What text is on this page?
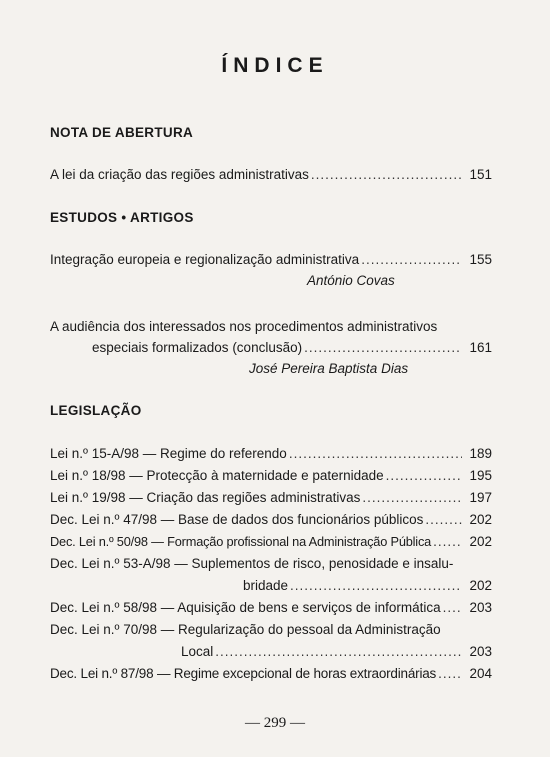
ÍNDICE
NOTA DE ABERTURA
A lei da criação das regiões administrativas .....	151
ESTUDOS • ARTIGOS
Integração europeia e regionalização administrativa .....	155
António Covas
A audiência dos interessados nos procedimentos administrativos
especiais formalizados (conclusão) .....	161
José Pereira Baptista Dias
LEGISLAÇÃO
Lei n.º 15-A/98 — Regime do referendo .....	189
Lei n.º 18/98 — Protecção à maternidade e paternidade .....	195
Lei n.º 19/98 — Criação das regiões administrativas .....	197
Dec. Lei n.º 47/98 — Base de dados dos funcionários públicos .....	202
Dec. Lei n.º 50/98 — Formação profissional na Administração Pública .....	202
Dec. Lei n.º 53-A/98 — Suplementos de risco, penosidade e insalu-
bridade .....	202
Dec. Lei n.º 58/98 — Aquisição de bens e serviços de informática .....	203
Dec. Lei n.º 70/98 — Regularização do pessoal da Administração
Local .....	203
Dec. Lei n.º 87/98 — Regime excepcional de horas extraordinárias .....	204
— 299 —
